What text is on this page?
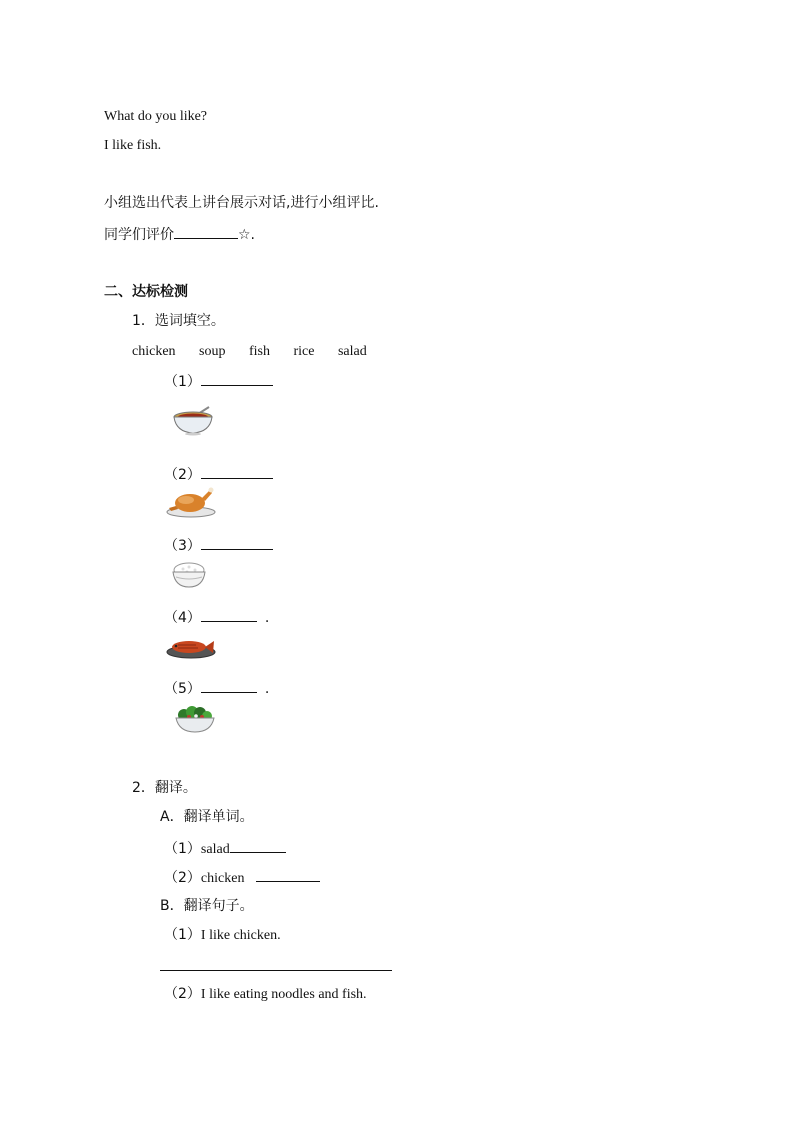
What do you like?
I like fish.
小组选出代表上讲台展示对话,进行小组评比.
同学们评价	☆.
二、达标检测
1．选词填空。
chicken soup fish rice salad
（1）
（2）
（3）
（4）	.
（5）	.
2．翻译。
A．翻译单词。
（1）salad
（2）chicken
B．翻译句子。
（1）I like chicken.
（2）I like eating noodles and fish.
